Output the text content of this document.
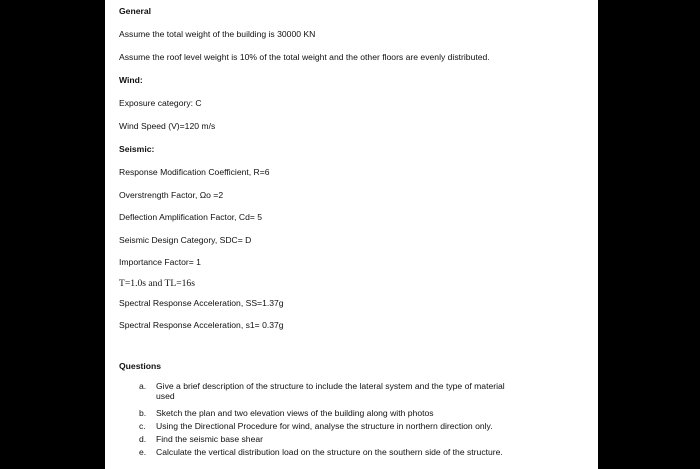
General
Assume the total weight of the building is 30000 KN
Assume the roof level weight is 10% of the total weight and the other floors are evenly distributed.
Wind:
Exposure category: C
Wind Speed (V)=120 m/s
Seismic:
Response Modification Coefficient, R=6
Overstrength Factor, Ωo =2
Deflection Amplification Factor, Cd= 5
Seismic Design Category, SDC= D
Importance Factor= 1
T=1.0s and TL=16s
Spectral Response Acceleration, SS=1.37g
Spectral Response Acceleration, s1= 0.37g
Questions
a. Give a brief description of the structure to include the lateral system and the type of material
used
b. Sketch the plan and two elevation views of the building along with photos
c. Using the Directional Procedure for wind, analyse the structure in northern direction only.
d. Find the seismic base shear
e. Calculate the vertical distribution load on the structure on the southern side of the structure.
